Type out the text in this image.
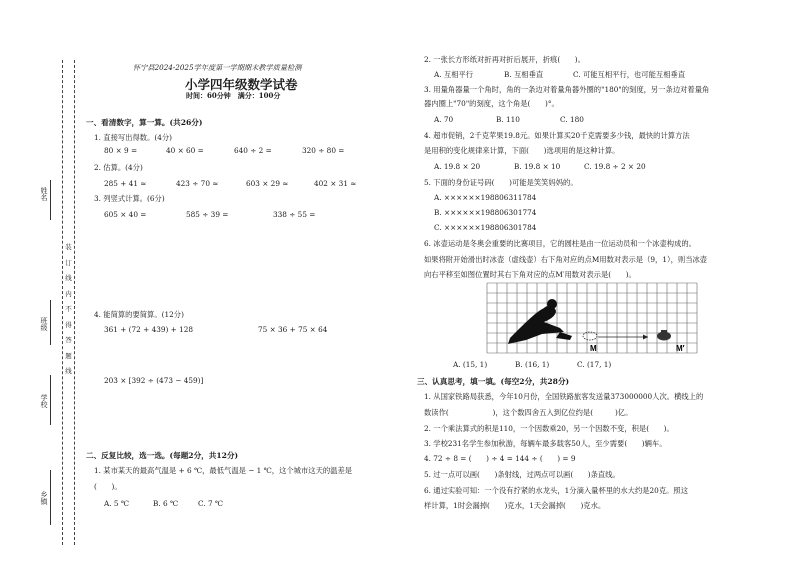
姓名
班级
学校
乡镇
装
订
线
内
不
得
答
题
线
怀宁县2024-2025学年度第一学期期末教学质量检测
小学四年级数学试卷
时间：60分钟　满分：100分
一、看清数字，算一算。(共26分)
1. 直接写出得数。(4分)
80 × 9 =	40 × 60 =	640 ÷ 2 =	320 ÷ 80 =
2. 估算。(4分)
285 + 41 ≈	423 ÷ 70 ≈	603 × 29 ≈	402 × 31 ≈
3. 列竖式计算。(6分)
605 × 40 =	585 ÷ 39 =	338 ÷ 55 =
4. 能简算的要简算。(12分)
361 + (72 + 439) + 128	75 × 36 + 75 × 64
203 × [392 ÷ (473 − 459)]
二、反复比较，选一选。(每题2分，共12分)
1. 某市某天的最高气温是 + 6 ℃，最低气温是 − 1 ℃，这个城市这天的温差是
(　　)。
A. 5 ℃	B. 6 ℃	C. 7 ℃
2. 一张长方形纸对折再对折后展开，折痕(　　)。
A. 互相平行	B. 互相垂直	C. 可能互相平行，也可能互相垂直
3. 用量角器量一个角时，角的一条边对着量角器外圈的"180"的刻度，另一条边对着量角
器内圈上"70"的刻度，这个角是(　　)°。
A. 70	B. 110	C. 180
4. 超市促销，2千克苹果19.8元。如果计算买20千克需要多少钱，最快的计算方法
是用积的变化规律来计算，下面(　　)选项用的是这种计算。
A. 19.8 × 20	B. 19.8 × 10	C. 19.8 ÷ 2 × 20
5. 下面的身份证号码(　　)可能是笑笑妈妈的。
A. ××××××198806311784
B. ××××××198806301774
C. ××××××198806301784
6. 冰壶运动是冬奥会重要的比赛项目，它的圆柱是由一位运动员和一个冰壶构成的。
如果将附开始滑出时冰壶（虚线壶）右下角对应的点M用数对表示是（9，1），则当冰壶
向右平移至如图位置时其右下角对应的点M′用数对表示是(　　)。
M	M′
A. (15, 1)	B. (16, 1)	C. (17, 1)
三、认真思考，填一填。(每空2分，共28分)
1. 从国家铁路局获悉，今年10月份，全国铁路旅客发送量373000000人次。横线上的
数读作(　　　　　　)，这个数四舍五入到亿位约是(　　　)亿。
2. 一个乘法算式的积是110，一个因数乘20，另一个因数不变，积是(　　)。
3. 学校231名学生参加秋游，每辆车最多载客50人，至少需要(　　)辆车。
4. 72 ÷ 8 = (　　) ÷ 4 = 144 ÷ (　　) = 9
5. 过一点可以画(　　)条射线，过两点可以画(　　)条直线。
6. 通过实验可知：一个没有拧紧的水龙头，1分滴入量杯里的水大约是20克。照这
样计算，1时会漏掉(　　)克水，1天会漏掉(　　)克水。
